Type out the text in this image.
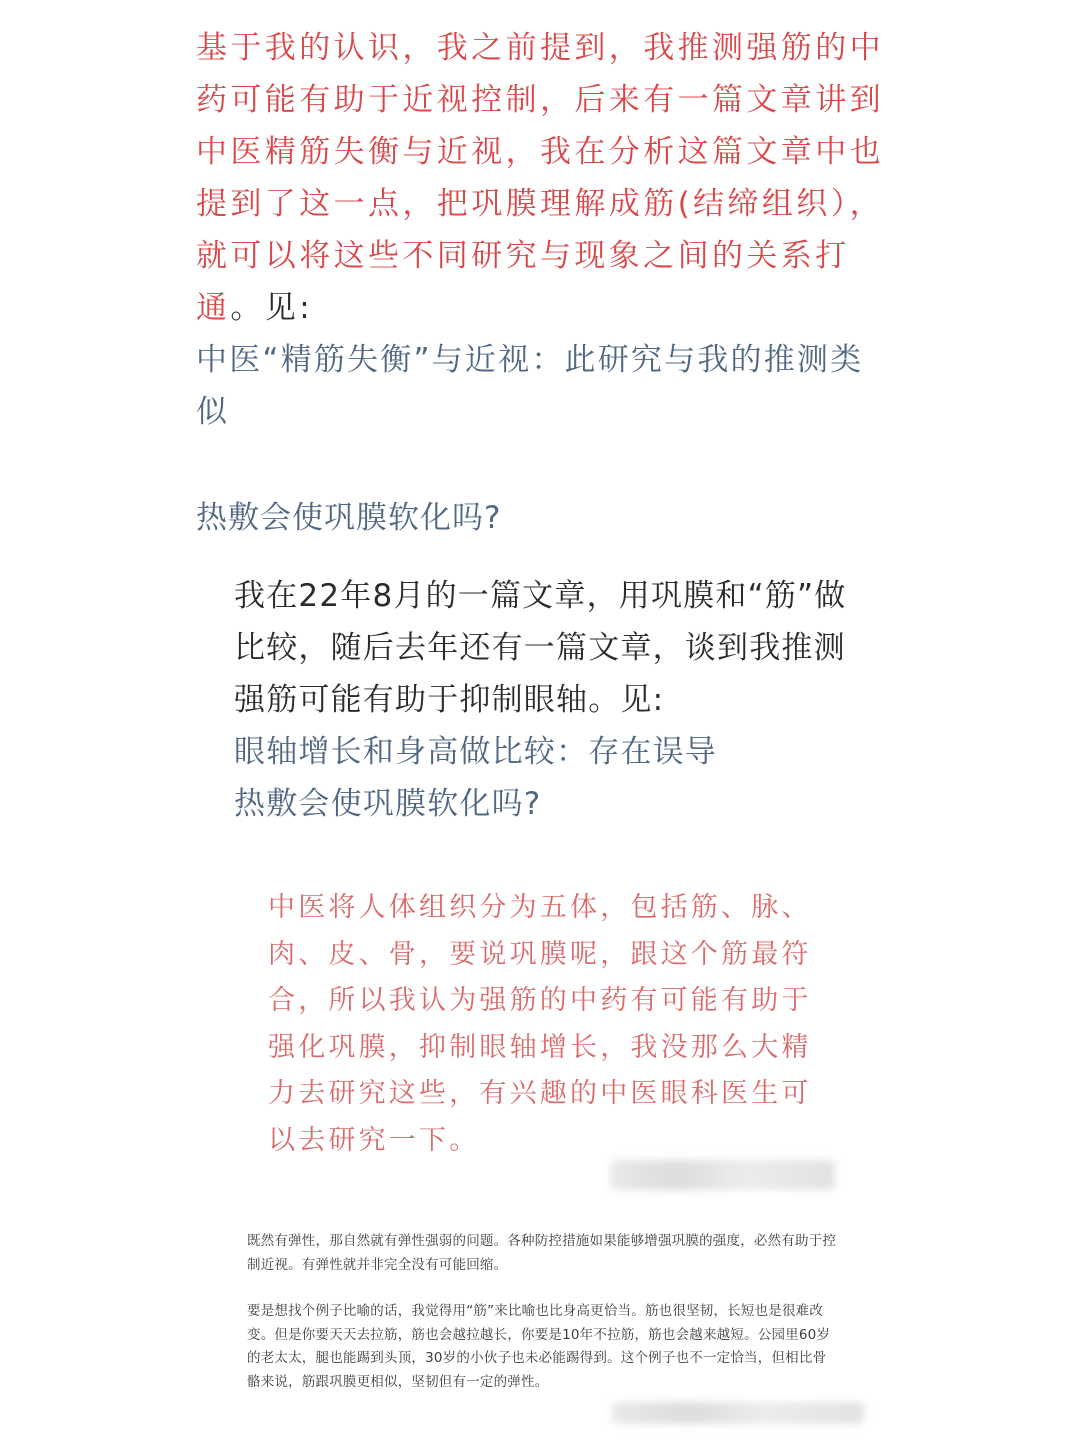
基于我的认识，我之前提到，我推测强筋的中药可能有助于近视控制，后来有一篇文章讲到中医精筋失衡与近视，我在分析这篇文章中也提到了这一点，把巩膜理解成筋(结缔组织），就可以将这些不同研究与现象之间的关系打通。见:
中医“精筋失衡”与近视：此研究与我的推测类似
热敷会使巩膜软化吗?
我在22年8月的一篇文章，用巩膜和“筋”做比较，随后去年还有一篇文章，谈到我推测强筋可能有助于抑制眼轴。见:
眼轴增长和身高做比较：存在误导
热敷会使巩膜软化吗?
中医将人体组织分为五体，包括筋、脉、肉、皮、骨，要说巩膜呢，跟这个筋最符合，所以我认为强筋的中药有可能有助于强化巩膜，抑制眼轴增长，我没那么大精力去研究这些，有兴趣的中医眼科医生可以去研究一下。

既然有弹性，那自然就有弹性强弱的问题。各种防控措施如果能够增强巩膜的强度，必然有助于控制近视。有弹性就并非完全没有可能回缩。

要是想找个例子比喻的话，我觉得用“筋”来比喻也比身高更恰当。筋也很坚韧，长短也是很难改变。但是你要天天去拉筋，筋也会越拉越长，你要是10年不拉筋，筋也会越来越短。公园里60岁的老太太，腿也能踢到头顶，30岁的小伙子也未必能踢得到。这个例子也不一定恰当，但相比骨骼来说，筋跟巩膜更相似，坚韧但有一定的弹性。
